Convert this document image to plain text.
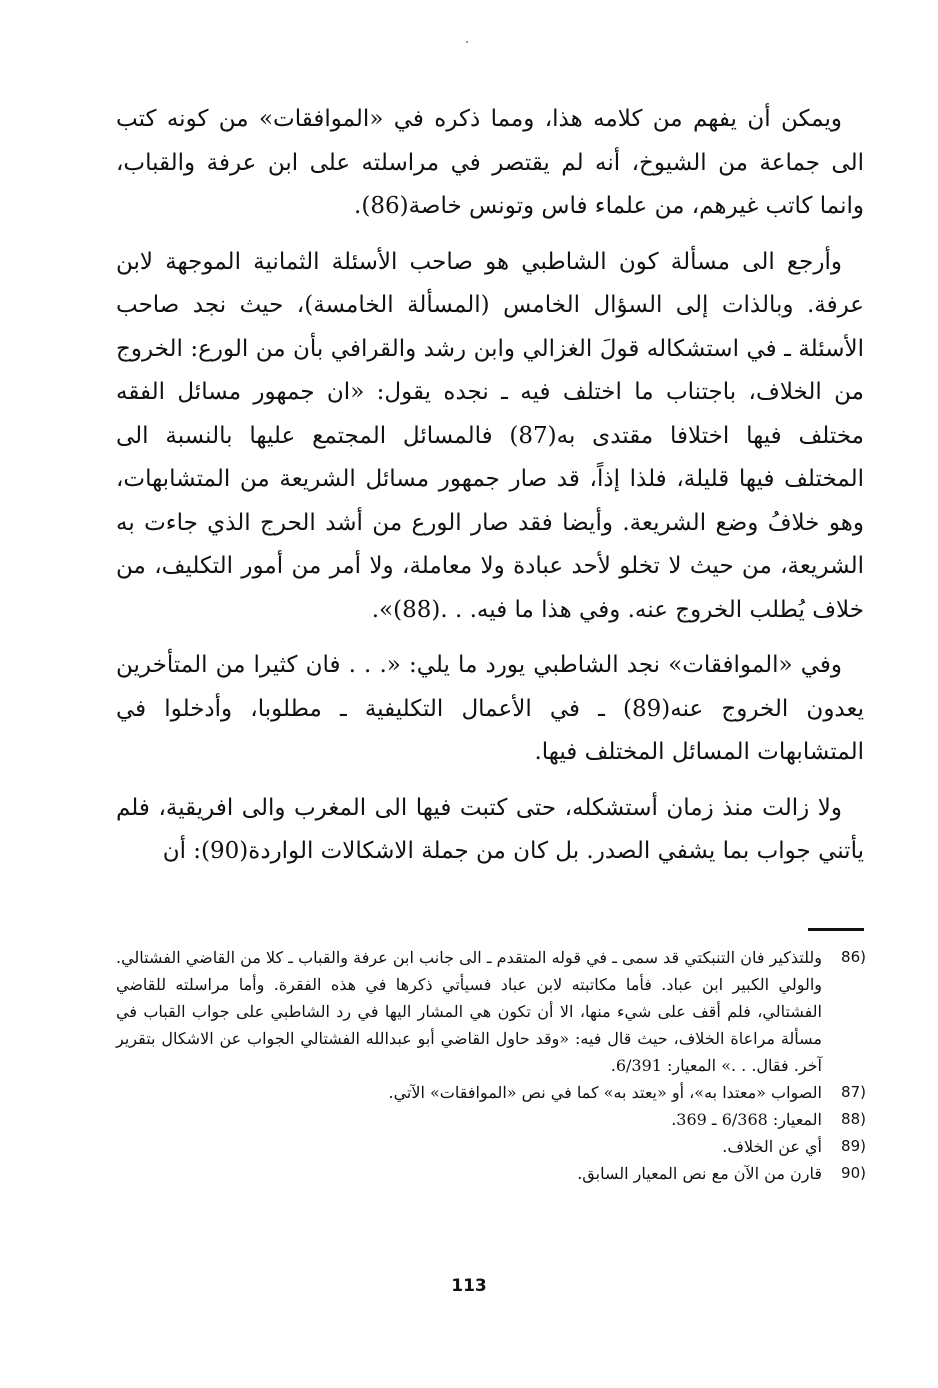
ويمكن أن يفهم من كلامه هذا، ومما ذكره في «الموافقات» من كونه كتب الى جماعة من الشيوخ، أنه لم يقتصر في مراسلته على ابن عرفة والقباب، وانما كاتب غيرهم، من علماء فاس وتونس خاصة(86).

وأرجع الى مسألة كون الشاطبي هو صاحب الأسئلة الثمانية الموجهة لابن عرفة. وبالذات إلى السؤال الخامس (المسألة الخامسة)، حيث نجد صاحب الأسئلة ـ في استشكاله قولَ الغزالي وابن رشد والقرافي بأن من الورع: الخروج من الخلاف، باجتناب ما اختلف فيه ـ نجده يقول: «ان جمهور مسائل الفقه مختلف فيها اختلافا مقتدى به(87) فالمسائل المجتمع عليها بالنسبة الى المختلف فيها قليلة، فلذا إذاً، قد صار جمهور مسائل الشريعة من المتشابهات، وهو خلافُ وضع الشريعة. وأيضا فقد صار الورع من أشد الحرج الذي جاءت به الشريعة، من حيث لا تخلو لأحد عبادة ولا معاملة، ولا أمر من أمور التكليف، من خلاف يُطلب الخروج عنه. وفي هذا ما فيه. . .(88)».

وفي «الموافقات» نجد الشاطبي يورد ما يلي: «. . . فان كثيرا من المتأخرين يعدون الخروج عنه(89) ـ في الأعمال التكليفية ـ مطلوبا، وأدخلوا في المتشابهات المسائل المختلف فيها.

ولا زالت منذ زمان أستشكله، حتى كتبت فيها الى المغرب والى افريقية، فلم يأتني جواب بما يشفي الصدر. بل كان من جملة الاشكالات الواردة(90): أن

86)
وللتذكير فان التنبكتي قد سمى ـ في قوله المتقدم ـ الى جانب ابن عرفة والقباب ـ كلا من القاضي الفشتالي. والولي الكبير ابن عباد. فأما مكاتبته لابن عباد فسيأتي ذكرها في هذه الفقرة. وأما مراسلته للقاضي الفشتالي، فلم أقف على شيء منها، الا أن تكون هي المشار اليها في رد الشاطبي على جواب القباب في مسألة مراعاة الخلاف، حيث قال فيه: «وقد حاول القاضي أبو عبدالله الفشتالي الجواب عن الاشكال بتقرير آخر. فقال. . .» المعيار: 6/391.
87)
الصواب «معتدا به»، أو «يعتد به» كما في نص «الموافقات» الآتي.
88)
المعيار: 6/368 ـ 369.
89)
أي عن الخلاف.
90)
قارن من الآن مع نص المعيار السابق.
113
